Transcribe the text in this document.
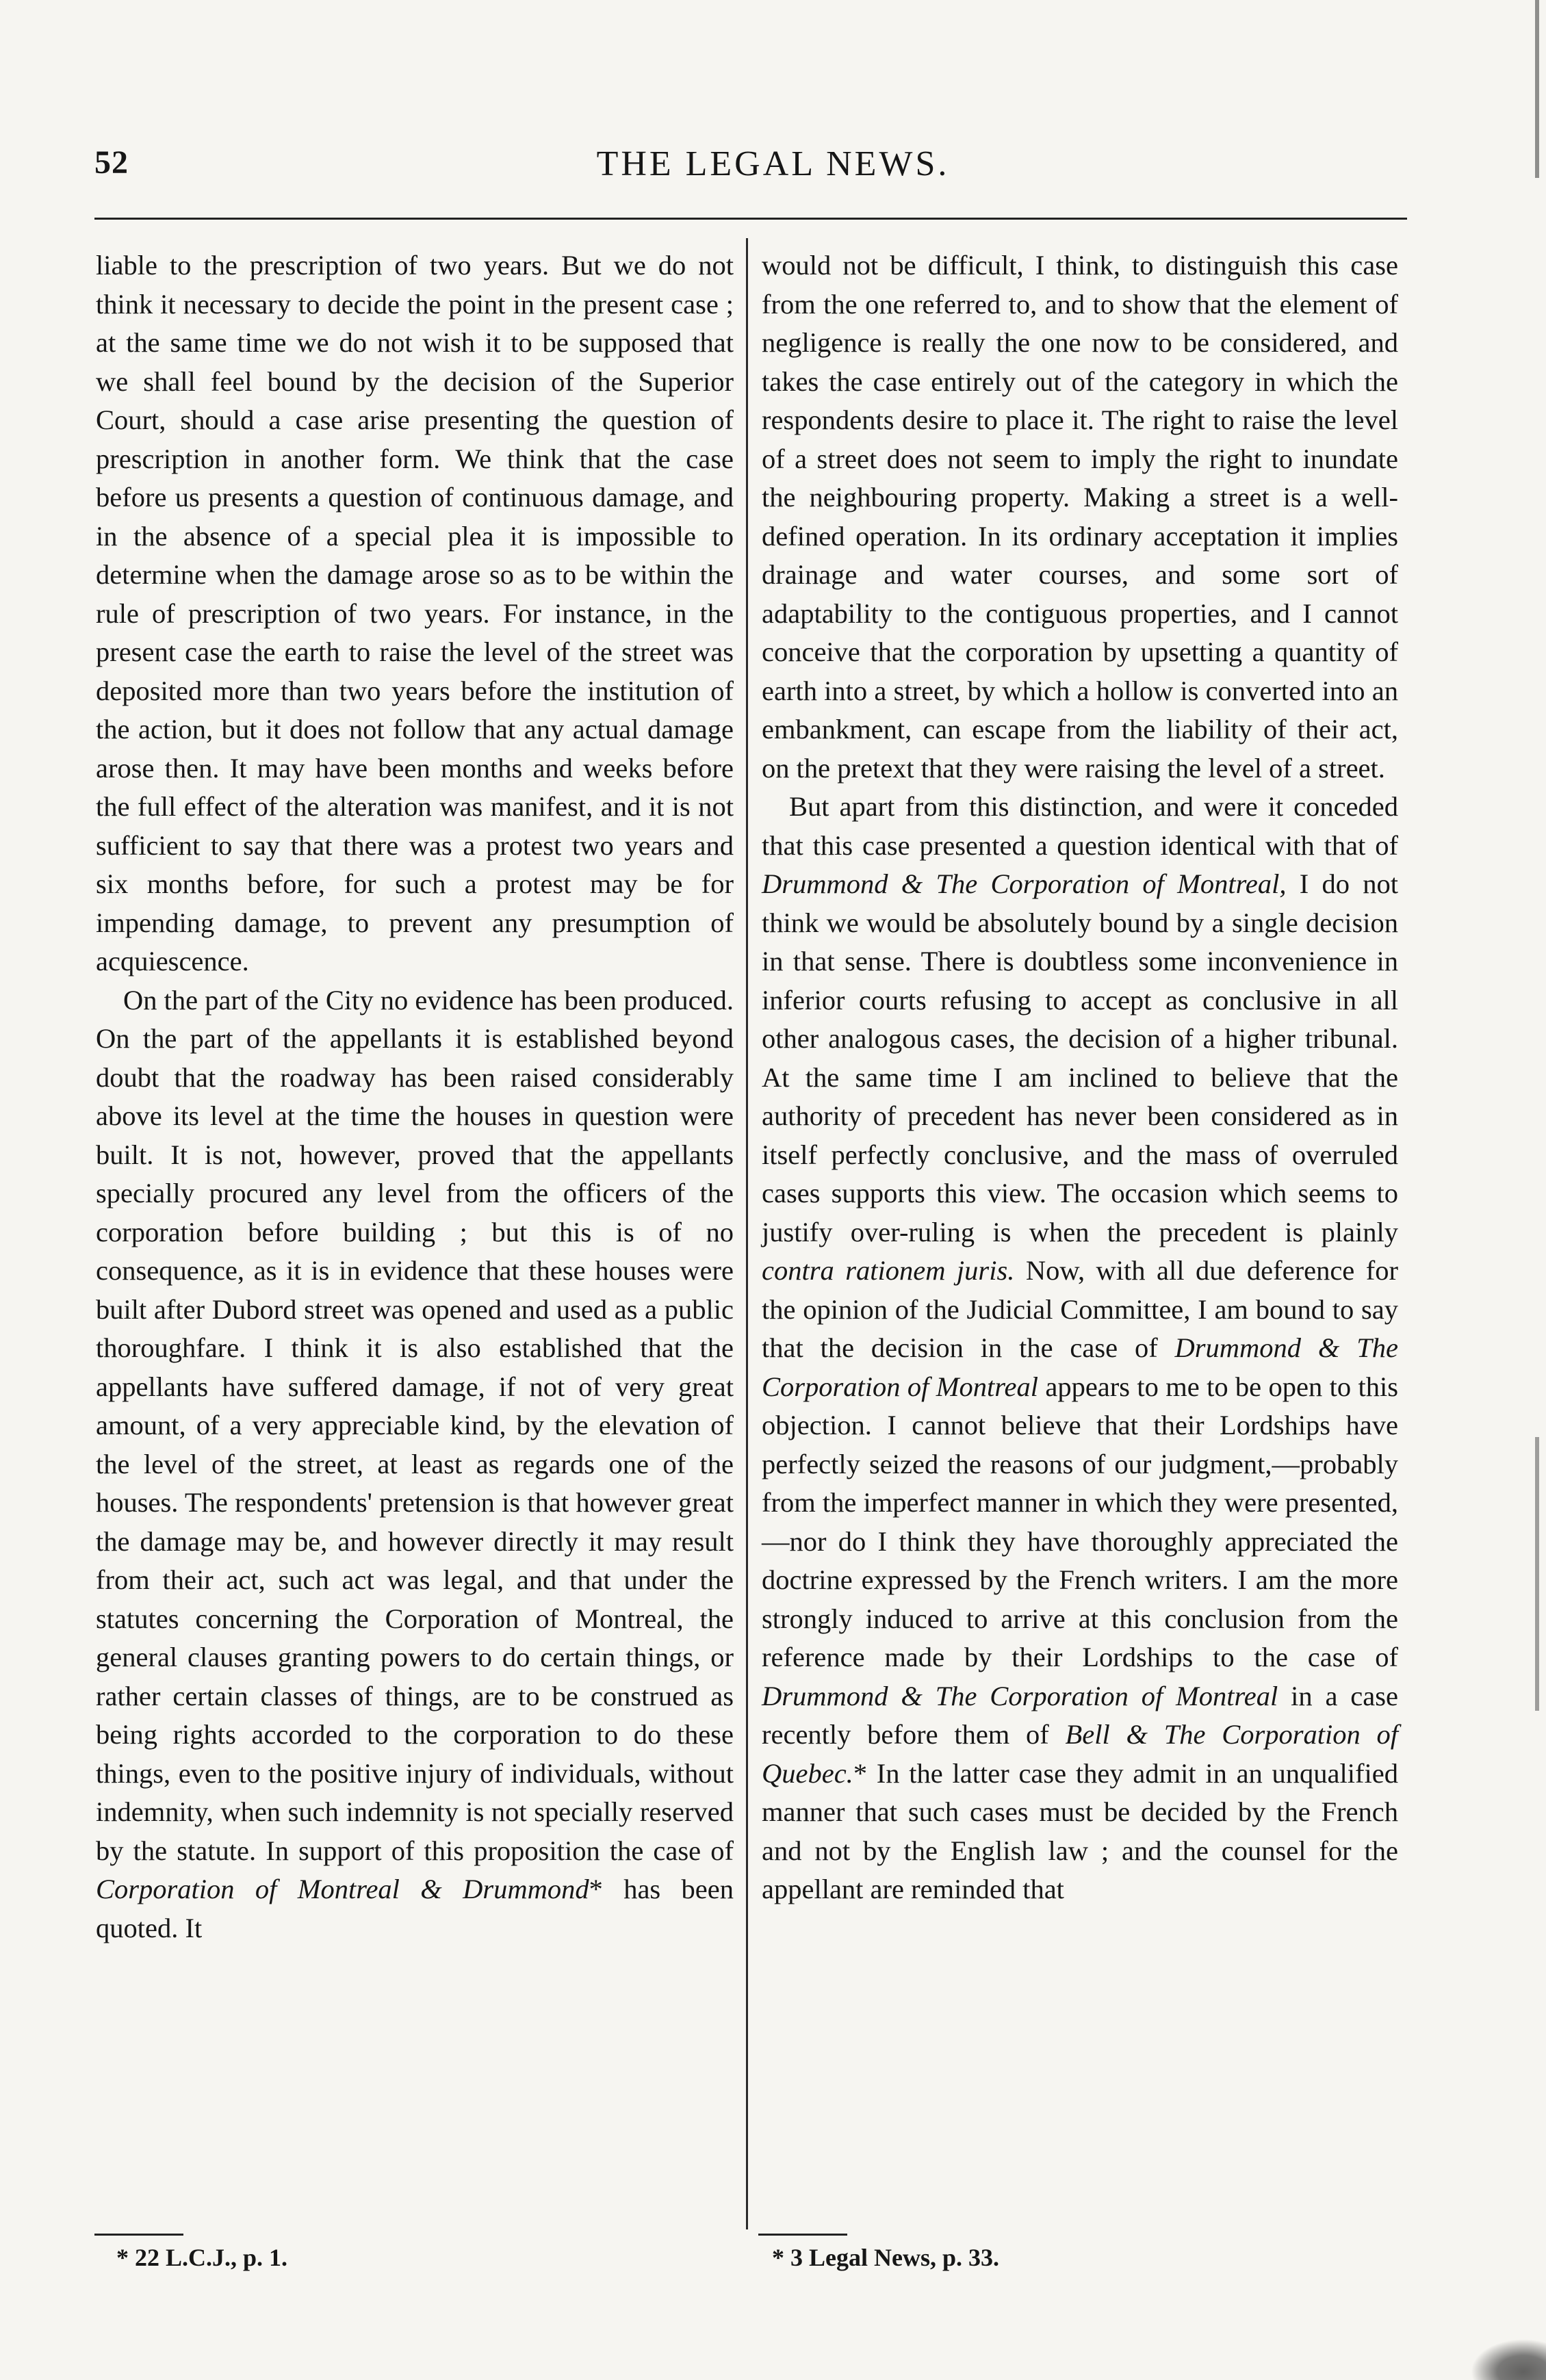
52	THE LEGAL NEWS.

liable to the prescription of two years. But we do not think it necessary to decide the point in the present case ; at the same time we do not wish it to be supposed that we shall feel bound by the decision of the Superior Court, should a case arise presenting the question of prescription in another form. We think that the case before us presents a question of continuous damage, and in the absence of a special plea it is impossible to determine when the damage arose so as to be within the rule of prescription of two years. For instance, in the present case the earth to raise the level of the street was deposited more than two years before the institution of the action, but it does not follow that any actual damage arose then. It may have been months and weeks before the full effect of the alteration was manifest, and it is not sufficient to say that there was a protest two years and six months before, for such a protest may be for impending damage, to prevent any presumption of acquiescence.

On the part of the City no evidence has been produced. On the part of the appellants it is established beyond doubt that the roadway has been raised considerably above its level at the time the houses in question were built. It is not, however, proved that the appellants specially procured any level from the officers of the corporation before building ; but this is of no consequence, as it is in evidence that these houses were built after Dubord street was opened and used as a public thoroughfare. I think it is also established that the appellants have suffered damage, if not of very great amount, of a very appreciable kind, by the elevation of the level of the street, at least as regards one of the houses. The respondents' pretension is that however great the damage may be, and however directly it may result from their act, such act was legal, and that under the statutes concerning the Corporation of Montreal, the general clauses granting powers to do certain things, or rather certain classes of things, are to be construed as being rights accorded to the corporation to do these things, even to the positive injury of individuals, without indemnity, when such indemnity is not specially reserved by the statute. In support of this proposition the case of Corporation of Montreal & Drummond* has been quoted. It

would not be difficult, I think, to distinguish this case from the one referred to, and to show that the element of negligence is really the one now to be considered, and takes the case entirely out of the category in which the respondents desire to place it. The right to raise the level of a street does not seem to imply the right to inundate the neighbouring property. Making a street is a well-defined operation. In its ordinary acceptation it implies drainage and water courses, and some sort of adaptability to the contiguous properties, and I cannot conceive that the corporation by upsetting a quantity of earth into a street, by which a hollow is converted into an embankment, can escape from the liability of their act, on the pretext that they were raising the level of a street.

But apart from this distinction, and were it conceded that this case presented a question identical with that of Drummond & The Corporation of Montreal, I do not think we would be absolutely bound by a single decision in that sense. There is doubtless some inconvenience in inferior courts refusing to accept as conclusive in all other analogous cases, the decision of a higher tribunal. At the same time I am inclined to believe that the authority of precedent has never been considered as in itself perfectly conclusive, and the mass of overruled cases supports this view. The occasion which seems to justify over-ruling is when the precedent is plainly contra rationem juris. Now, with all due deference for the opinion of the Judicial Committee, I am bound to say that the decision in the case of Drummond & The Corporation of Montreal appears to me to be open to this objection. I cannot believe that their Lordships have perfectly seized the reasons of our judgment,—probably from the imperfect manner in which they were presented,—nor do I think they have thoroughly appreciated the doctrine expressed by the French writers. I am the more strongly induced to arrive at this conclusion from the reference made by their Lordships to the case of Drummond & The Corporation of Montreal in a case recently before them of Bell & The Corporation of Quebec.* In the latter case they admit in an unqualified manner that such cases must be decided by the French and not by the English law ; and the counsel for the appellant are reminded that

* 22 L.C.J., p. 1.	* 3 Legal News, p. 33.
